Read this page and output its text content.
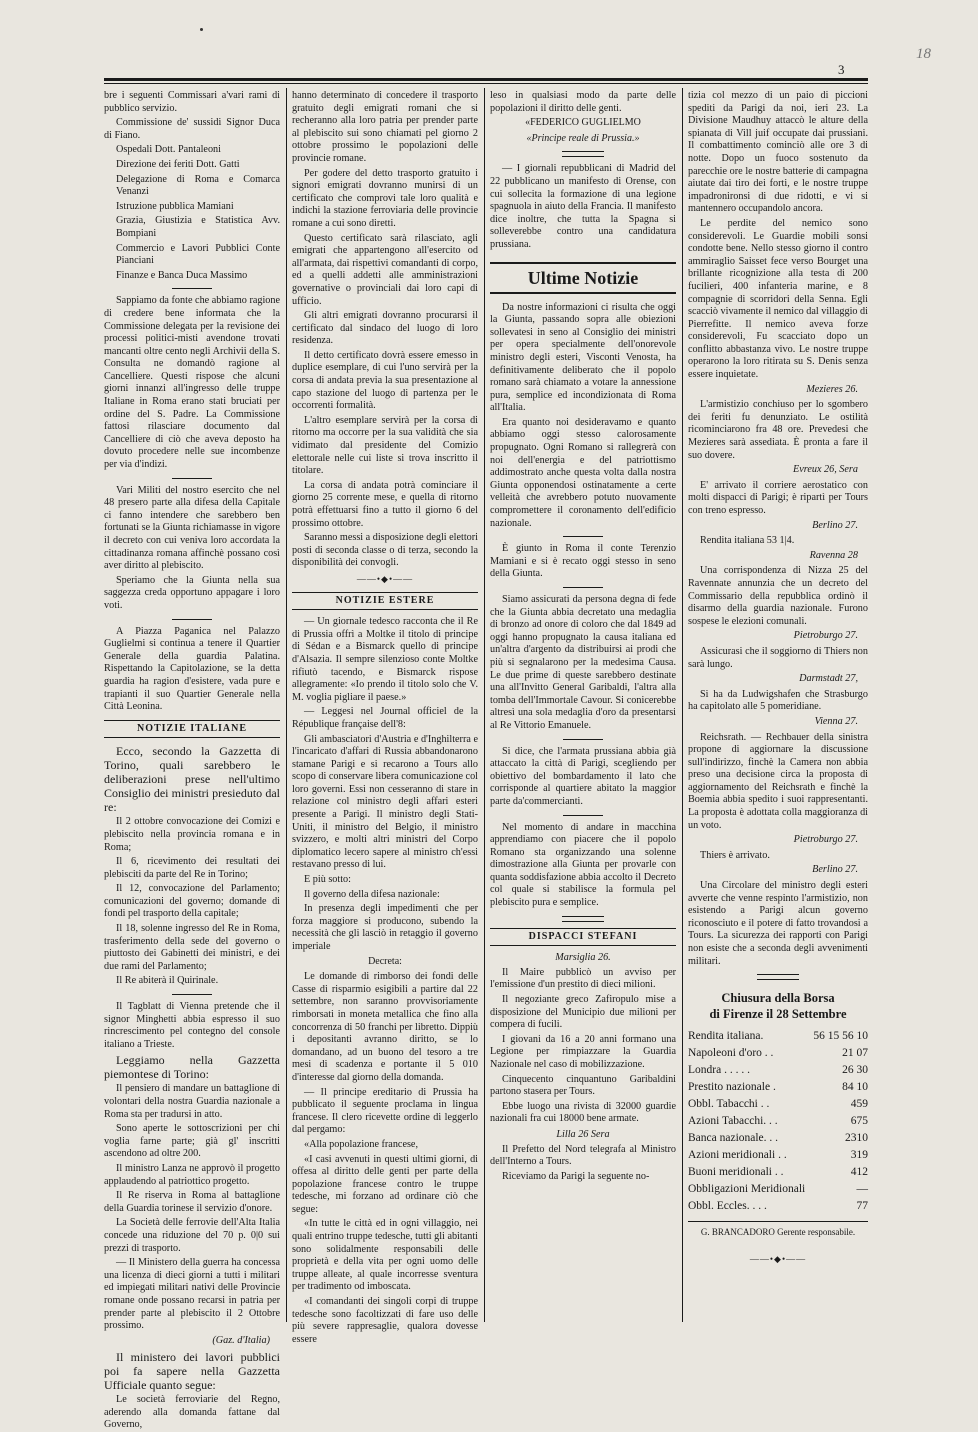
3
18

bre i seguenti Commissari a'vari rami di pubblico servizio.

Commissione de' sussidi Signor Duca di Fiano.

Ospedali Dott. Pantaleoni

Direzione dei feriti Dott. Gatti

Delegazione di Roma e Comarca Venanzi

Istruzione pubblica Mamiani

Grazia, Giustizia e Statistica Avv. Bompiani

Commercio e Lavori Pubblici Conte Pianciani

Finanze e Banca Duca Massimo

Sappiamo da fonte che abbiamo ragione di credere bene informata che la Commissione delegata per la revisione dei processi politici-misti avendone trovati mancanti oltre cento negli Archivii della S. Consulta ne domandò ragione al Cancelliere. Questi rispose che alcuni giorni innanzi all'ingresso delle truppe Italiane in Roma erano stati bruciati per ordine del S. Padre. La Commissione fattosi rilasciare documento dal Cancelliere di ciò che aveva deposto ha dovuto procedere nelle sue incombenze per via d'indizi.

Vari Militi del nostro esercito che nel 48 presero parte alla difesa della Capitale ci fanno intendere che sarebbero ben fortunati se la Giunta richiamasse in vigore il decreto con cui veniva loro accordata la cittadinanza romana affinchè possano così aver diritto al plebiscito.

Speriamo che la Giunta nella sua saggezza creda opportuno appagare i loro voti.

A Piazza Paganica nel Palazzo Guglielmi si continua a tenere il Quartier Generale della guardia Palatina. Rispettando la Capitolazione, se la detta guardia ha ragion d'esistere, vada pure e trapianti il suo Quartier Generale nella Città Leonina.

NOTIZIE ITALIANE

Ecco, secondo la Gazzetta di Torino, quali sarebbero le deliberazioni prese nell'ultimo Consiglio dei ministri presieduto dal re:

Il 2 ottobre convocazione dei Comizi e plebiscito nella provincia romana e in Roma;

Il 6, ricevimento dei resultati dei plebisciti da parte del Re in Torino;

Il 12, convocazione del Parlamento; comunicazioni del governo; domande di fondi pel trasporto della capitale;

Il 18, solenne ingresso del Re in Roma, trasferimento della sede del governo o piuttosto dei Gabinetti dei ministri, e dei due rami del Parlamento;

Il Re abiterà il Quirinale.

Il Tagblatt di Vienna pretende che il signor Minghetti abbia espresso il suo rincrescimento pel contegno del console italiano a Trieste.

Leggiamo nella Gazzetta piemontese di Torino:

Il pensiero di mandare un battaglione di volontari della nostra Guardia nazionale a Roma sta per tradursi in atto.

Sono aperte le sottoscrizioni per chi voglia farne parte; già gl' inscritti ascendono ad oltre 200.

Il ministro Lanza ne approvò il progetto applaudendo al patriottico progetto.

Il Re riserva in Roma al battaglione della Guardia torinese il servizio d'onore.

La Società delle ferrovie dell'Alta Italia concede una riduzione del 70 p. 0|0 sui prezzi di trasporto.

— Il Ministero della guerra ha concessa una licenza di dieci giorni a tutti i militari ed impiegati militari nativi delle Provincie romane onde possano recarsi in patria per prender parte al plebiscito il 2 Ottobre prossimo.

(Gaz. d'Italia)

Il ministero dei lavori pubblici poi fa sapere nella Gazzetta Ufficiale quanto segue:

Le società ferroviarie del Regno, aderendo alla domanda fattane dal Governo,

hanno determinato di concedere il trasporto gratuito degli emigrati romani che si recheranno alla loro patria per prender parte al plebiscito sui sono chiamati pel giorno 2 ottobre prossimo le popolazioni delle provincie romane.

Per godere del detto trasporto gratuito i signori emigrati dovranno munirsi di un certificato che comprovi tale loro qualità e indichi la stazione ferroviaria delle provincie romane a cui sono diretti.

Questo certificato sarà rilasciato, agli emigrati che appartengono all'esercito od all'armata, dai rispettivi comandanti di corpo, ed a quelli addetti alle amministrazioni governative o provinciali dai loro capi di ufficio.

Gli altri emigrati dovranno procurarsi il certificato dal sindaco del luogo di loro residenza.

Il detto certificato dovrà essere emesso in duplice esemplare, di cui l'uno servirà per la corsa di andata previa la sua presentazione al capo stazione del luogo di partenza per le occorrenti formalità.

L'altro esemplare servirà per la corsa di ritorno ma occorre per la sua validità che sia vidimato dal presidente del Comizio elettorale nelle cui liste si trova inscritto il titolare.

La corsa di andata potrà cominciare il giorno 25 corrente mese, e quella di ritorno potrà effettuarsi fino a tutto il giorno 6 del prossimo ottobre.

Saranno messi a disposizione degli elettori posti di seconda classe o di terza, secondo la disponibilità dei convogli.

——•◆•——
NOTIZIE ESTERE

— Un giornale tedesco racconta che il Re di Prussia offrì a Moltke il titolo di principe di Sédan e a Bismarck quello di principe d'Alsazia. Il sempre silenzioso conte Moltke rifiutò tacendo, e Bismarck rispose allegramente: «Io prendo il titolo solo che V. M. voglia pigliare il paese.»

— Leggesi nel Journal officiel de la République française dell'8:

Gli ambasciatori d'Austria e d'Inghilterra e l'incaricato d'affari di Russia abbandonarono stamane Parigi e si recarono a Tours allo scopo di conservare libera comunicazione col loro governi. Essi non cesseranno di stare in relazione col ministro degli affari esteri presente a Parigi. Il ministro degli Stati-Uniti, il ministro del Belgio, il ministro svizzero, e molti altri ministri del Corpo diplomatico lecero sapere al ministro ch'essi restavano presso di lui.

E più sotto:

Il governo della difesa nazionale:

In presenza degli impedimenti che per forza maggiore si producono, subendo la necessità che gli lasciò in retaggio il governo imperiale

Decreta:

Le domande di rimborso dei fondi delle Casse di risparmio esigibili a partire dal 22 settembre, non saranno provvisoriamente rimborsati in moneta metallica che fino alla concorrenza di 50 franchi per libretto. Dippiù i depositanti avranno diritto, se lo domandano, ad un buono del tesoro a tre mesi di scadenza e portante il 5 010 d'interesse dal giorno della domanda.

— Il principe ereditario di Prussia ha pubblicato il seguente proclama in lingua francese. Il clero ricevette ordine di leggerlo dal pergamo:

«Alla popolazione francese,

«I casi avvenuti in questi ultimi giorni, di offesa al diritto delle genti per parte della popolazione francese contro le truppe tedesche, mi forzano ad ordinare ciò che segue:

«In tutte le città ed in ogni villaggio, nei quali entrino truppe tedesche, tutti gli abitanti sono solidalmente responsabili delle proprietà e della vita per ogni uomo delle truppe alleate, al quale incorresse sventura per tradimento od imboscata.

«I comandanti dei singoli corpi di truppe tedesche sono facoltizzati di fare uso delle più severe rappresaglie, qualora dovesse essere

leso in qualsiasi modo da parte delle popolazioni il diritto delle genti.

«FEDERICO GUGLIELMO
«Principe reale di Prussia.»

— I giornali repubblicani di Madrid del 22 pubblicano un manifesto di Orense, con cui sollecita la formazione di una legione spagnuola in aiuto della Francia. Il manifesto dice inoltre, che tutta la Spagna si solleverebbe contro una candidatura prussiana.

Ultime Notizie

Da nostre informazioni ci risulta che oggi la Giunta, passando sopra alle obiezioni sollevatesi in seno al Consiglio dei ministri per opera specialmente dell'onorevole ministro degli esteri, Visconti Venosta, ha definitivamente deliberato che il popolo romano sarà chiamato a votare la annessione pura, semplice ed incondizionata di Roma all'Italia.

Era quanto noi desideravamo e quanto abbiamo oggi stesso calorosamente propugnato. Ogni Romano si rallegrerà con noi dell'energia e del patriottismo addimostrato anche questa volta dalla nostra Giunta opponendosi ostinatamente a certe velleità che avrebbero potuto nuovamente compromettere il coronamento dell'edificio nazionale.

È giunto in Roma il conte Terenzio Mamiani e si è recato oggi stesso in seno della Giunta.

Siamo assicurati da persona degna di fede che la Giunta abbia decretato una medaglia di bronzo ad onore di coloro che dal 1849 ad oggi hanno propugnato la causa italiana ed un'altra d'argento da distribuirsi ai prodi che più si segnalarono per la medesima Causa. Le due prime di queste sarebbero destinate una all'Invitto General Garibaldi, l'altra alla tomba dell'Immortale Cavour. Si conicerebbe altresì una sola medaglia d'oro da presentarsi al Re Vittorio Emanuele.

Si dice, che l'armata prussiana abbia già attaccato la città di Parigi, scegliendo per obiettivo del bombardamento il lato che corrisponde al quartiere abitato la maggior parte da'commercianti.

Nel momento di andare in macchina apprendiamo con piacere che il popolo Romano sta organizzando una solenne dimostrazione alla Giunta per provarle con quanta soddisfazione abbia accolto il Decreto col quale si stabilisce la formula pel plebiscito pura e semplice.

DISPACCI STEFANI
Marsiglia 26.

Il Maire pubblicò un avviso per l'emissione d'un prestito di dieci milioni.

Il negoziante greco Zafiropulo mise a disposizione del Municipio due milioni per compera di fucili.

I giovani da 16 a 20 anni formano una Legione per rimpiazzare la Guardia Nazionale nel caso di mobilizzazione.

Cinquecento cinquantuno Garibaldini partono stasera per Tours.

Ebbe luogo una rivista di 32000 guardie nazionali fra cui 18000 bene armate.

Lilla 26 Sera

Il Prefetto del Nord telegrafa al Ministro dell'Interno a Tours.

Riceviamo da Parigi la seguente no-

tizia col mezzo di un paio di piccioni spediti da Parigi da noi, ieri 23. La Divisione Maudhuy attaccò le alture della spianata di Vill juif occupate dai prussiani. Il combattimento cominciò alle ore 3 di notte. Dopo un fuoco sostenuto da parecchie ore le nostre batterie di campagna aiutate dai tiro dei forti, e le nostre truppe impadronironsi di due ridotti, e vi si mantennero occupandolo ancora.

Le perdite del nemico sono considerevoli. Le Guardie mobili sonsi condotte bene. Nello stesso giorno il contro ammiraglio Saisset fece verso Bourget una brillante ricognizione alla testa di 200 fucilieri, 400 infanteria marine, e 8 compagnie di scorridori della Senna. Egli scacciò vivamente il nemico dal villaggio di Pierrefitte. Il nemico aveva forze considerevoli, Fu scacciato dopo un conflitto abbastanza vivo. Le nostre truppe operarono la loro ritirata su S. Denis senza essere inquietate.

Mezieres 26.

L'armistizio conchiuso per lo sgombero dei feriti fu denunziato. Le ostilità ricominciarono fra 48 ore. Prevedesi che Mezieres sarà assediata. È pronta a fare il suo dovere.

Evreux 26, Sera

E' arrivato il corriere aerostatico con molti dispacci di Parigi; è ripartì per Tours con treno espresso.

Berlino 27.

Rendita italiana 53 1|4.

Ravenna 28

Una corrispondenza di Nizza 25 del Ravennate annunzia che un decreto del Commissario della repubblica ordinò il disarmo della guardia nazionale. Furono sospese le elezioni comunali.

Pietroburgo 27.

Assicurasi che il soggiorno di Thiers non sarà lungo.

Darmstadt 27,

Si ha da Ludwigshafen che Strasburgo ha capitolato alle 5 pomeridiane.

Vienna 27.

Reichsrath. — Rechbauer della sinistra propone di aggiornare la discussione sull'indirizzo, finchè la Camera non abbia preso una decisione circa la proposta di aggiornamento del Reichsrath e finchè la Boemia abbia spedito i suoi rappresentanti. La proposta è adottata colla maggioranza di un voto.

Pietroburgo 27.

Thiers è arrivato.

Berlino 27.

Una Circolare del ministro degli esteri avverte che venne respinto l'armistizio, non esistendo a Parigi alcun governo riconosciuto e il potere di fatto trovandosi a Tours. La sicurezza dei rapporti con Parigi non esiste che a seconda degli avvenimenti militari.

Chiusura della Borsa
di Firenze il 28 Settembre
Rendita italiana.	56 15 56 10
Napoleoni d'oro . .	21 07
Londra . . . . .	26 30
Prestito nazionale .	84 10
Obbl. Tabacchi . .	459
Azioni Tabacchi. . .	675
Banca nazionale. . .	2310
Azioni meridionali . .	319
Buoni meridionali . .	412
Obbligazioni Meridionali	—
Obbl. Eccles. . . .	77
G. BRANCADORO Gerente responsabile.
——•◆•——
